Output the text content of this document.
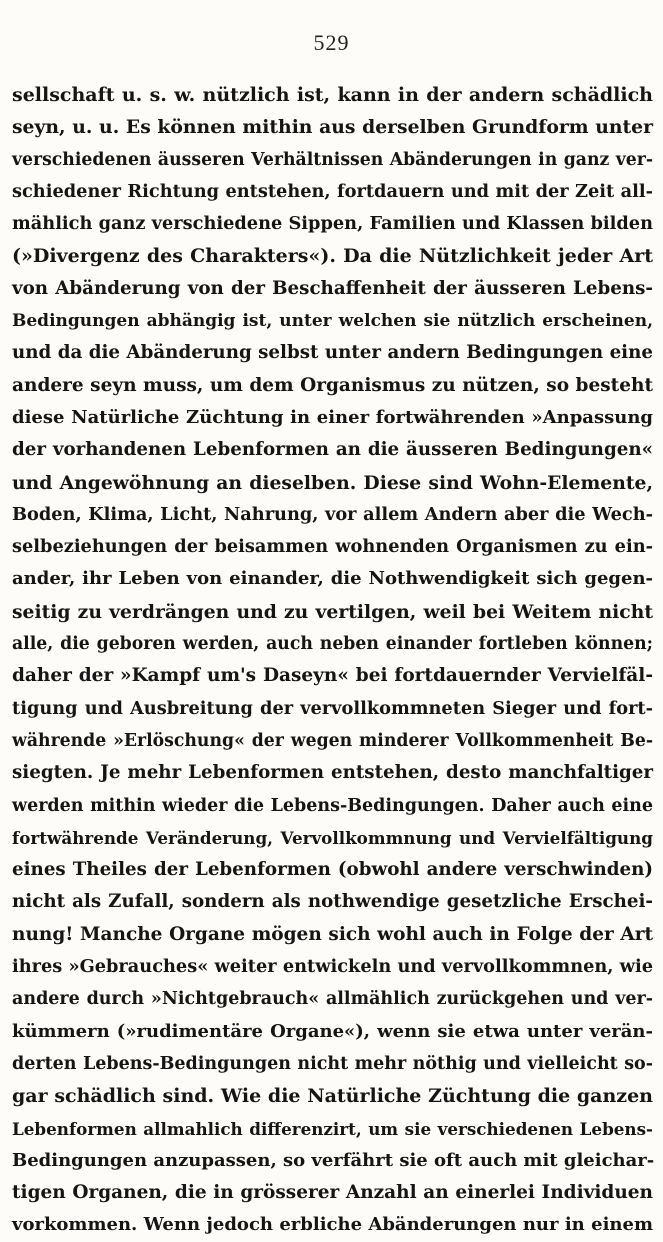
529
sellschaft u. s. w. nützlich ist, kann in der andern schädlich
seyn, u. u. Es können mithin aus derselben Grundform unter
verschiedenen äusseren Verhältnissen Abänderungen in ganz ver-
schiedener Richtung entstehen, fortdauern und mit der Zeit all-
mählich ganz verschiedene Sippen, Familien und Klassen bilden
(»Divergenz des Charakters«). Da die Nützlichkeit jeder Art
von Abänderung von der Beschaffenheit der äusseren Lebens-
Bedingungen abhängig ist, unter welchen sie nützlich erscheinen,
und da die Abänderung selbst unter andern Bedingungen eine
andere seyn muss, um dem Organismus zu nützen, so besteht
diese Natürliche Züchtung in einer fortwährenden »Anpassung
der vorhandenen Lebenformen an die äusseren Bedingungen«
und Angewöhnung an dieselben. Diese sind Wohn-Elemente,
Boden, Klima, Licht, Nahrung, vor allem Andern aber die Wech-
selbeziehungen der beisammen wohnenden Organismen zu ein-
ander, ihr Leben von einander, die Nothwendigkeit sich gegen-
seitig zu verdrängen und zu vertilgen, weil bei Weitem nicht
alle, die geboren werden, auch neben einander fortleben können;
daher der »Kampf um's Daseyn« bei fortdauernder Vervielfäl-
tigung und Ausbreitung der vervollkommneten Sieger und fort-
währende »Erlöschung« der wegen minderer Vollkommenheit Be-
siegten. Je mehr Lebenformen entstehen, desto manchfaltiger
werden mithin wieder die Lebens-Bedingungen. Daher auch eine
fortwährende Veränderung, Vervollkommnung und Vervielfältigung
eines Theiles der Lebenformen (obwohl andere verschwinden)
nicht als Zufall, sondern als nothwendige gesetzliche Erschei-
nung! Manche Organe mögen sich wohl auch in Folge der Art
ihres »Gebrauches« weiter entwickeln und vervollkommnen, wie
andere durch »Nichtgebrauch« allmählich zurückgehen und ver-
kümmern (»rudimentäre Organe«), wenn sie etwa unter verän-
derten Lebens-Bedingungen nicht mehr nöthig und vielleicht so-
gar schädlich sind. Wie die Natürliche Züchtung die ganzen
Lebenformen allmahlich differenzirt, um sie verschiedenen Lebens-
Bedingungen anzupassen, so verfährt sie oft auch mit gleichar-
tigen Organen, die in grösserer Anzahl an einerlei Individuen
vorkommen. Wenn jedoch erbliche Abänderungen nur in einem
